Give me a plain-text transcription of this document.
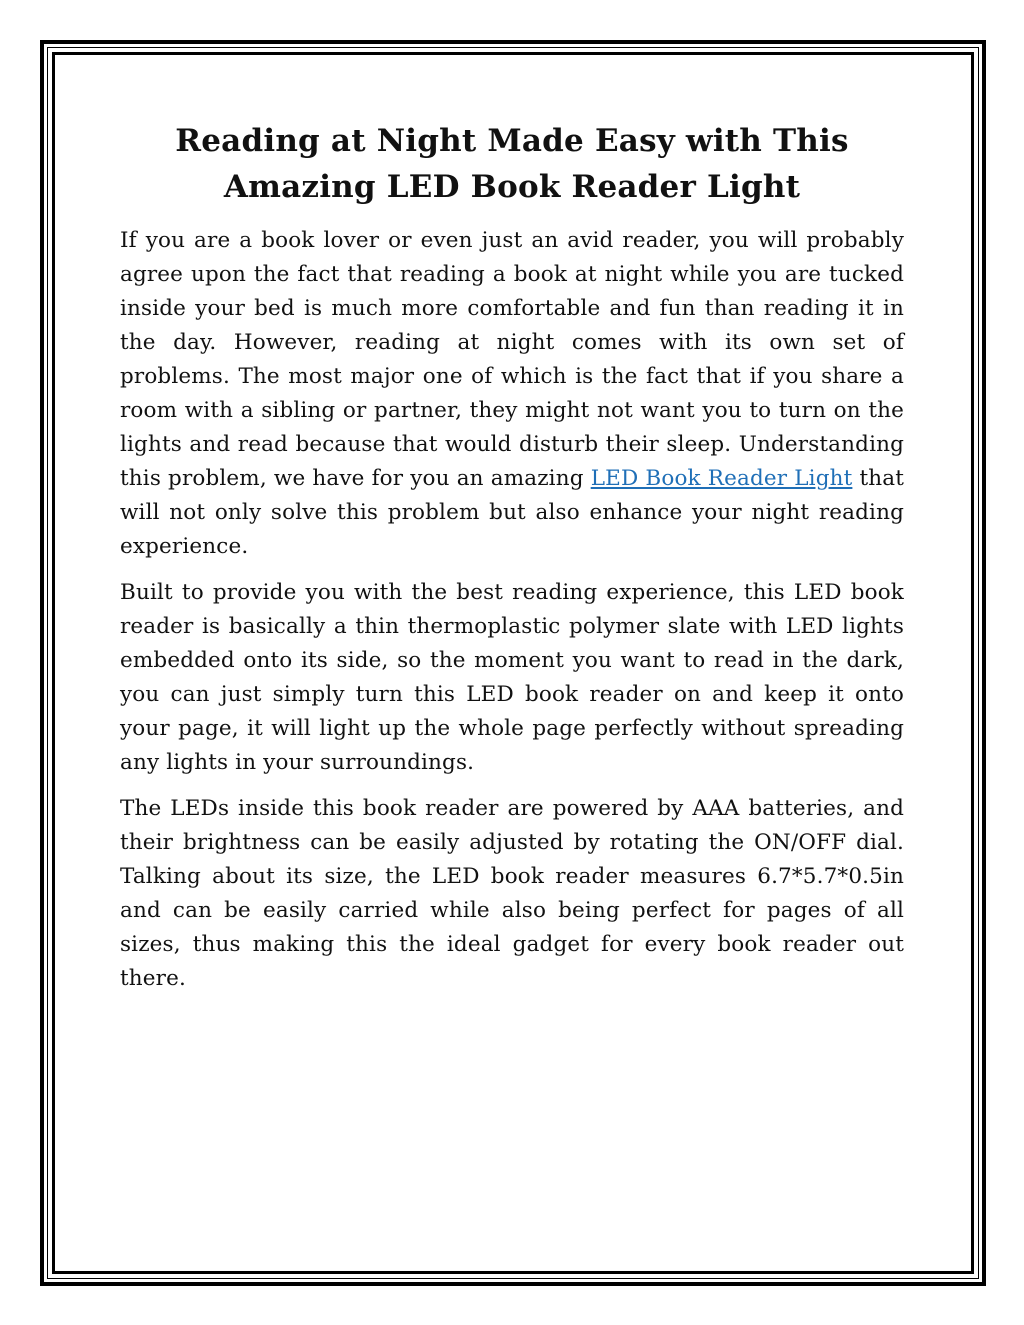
Reading at Night Made Easy with This Amazing LED Book Reader Light

If you are a book lover or even just an avid reader, you will probably agree upon the fact that reading a book at night while you are tucked inside your bed is much more comfortable and fun than reading it in the day. However, reading at night comes with its own set of problems. The most major one of which is the fact that if you share a room with a sibling or partner, they might not want you to turn on the lights and read because that would disturb their sleep. Understanding this problem, we have for you an amazing LED Book Reader Light that will not only solve this problem but also enhance your night reading experience.

Built to provide you with the best reading experience, this LED book reader is basically a thin thermoplastic polymer slate with LED lights embedded onto its side, so the moment you want to read in the dark, you can just simply turn this LED book reader on and keep it onto your page, it will light up the whole page perfectly without spreading any lights in your surroundings.

The LEDs inside this book reader are powered by AAA batteries, and their brightness can be easily adjusted by rotating the ON/OFF dial. Talking about its size, the LED book reader measures 6.7*5.7*0.5in and can be easily carried while also being perfect for pages of all sizes, thus making this the ideal gadget for every book reader out there.
